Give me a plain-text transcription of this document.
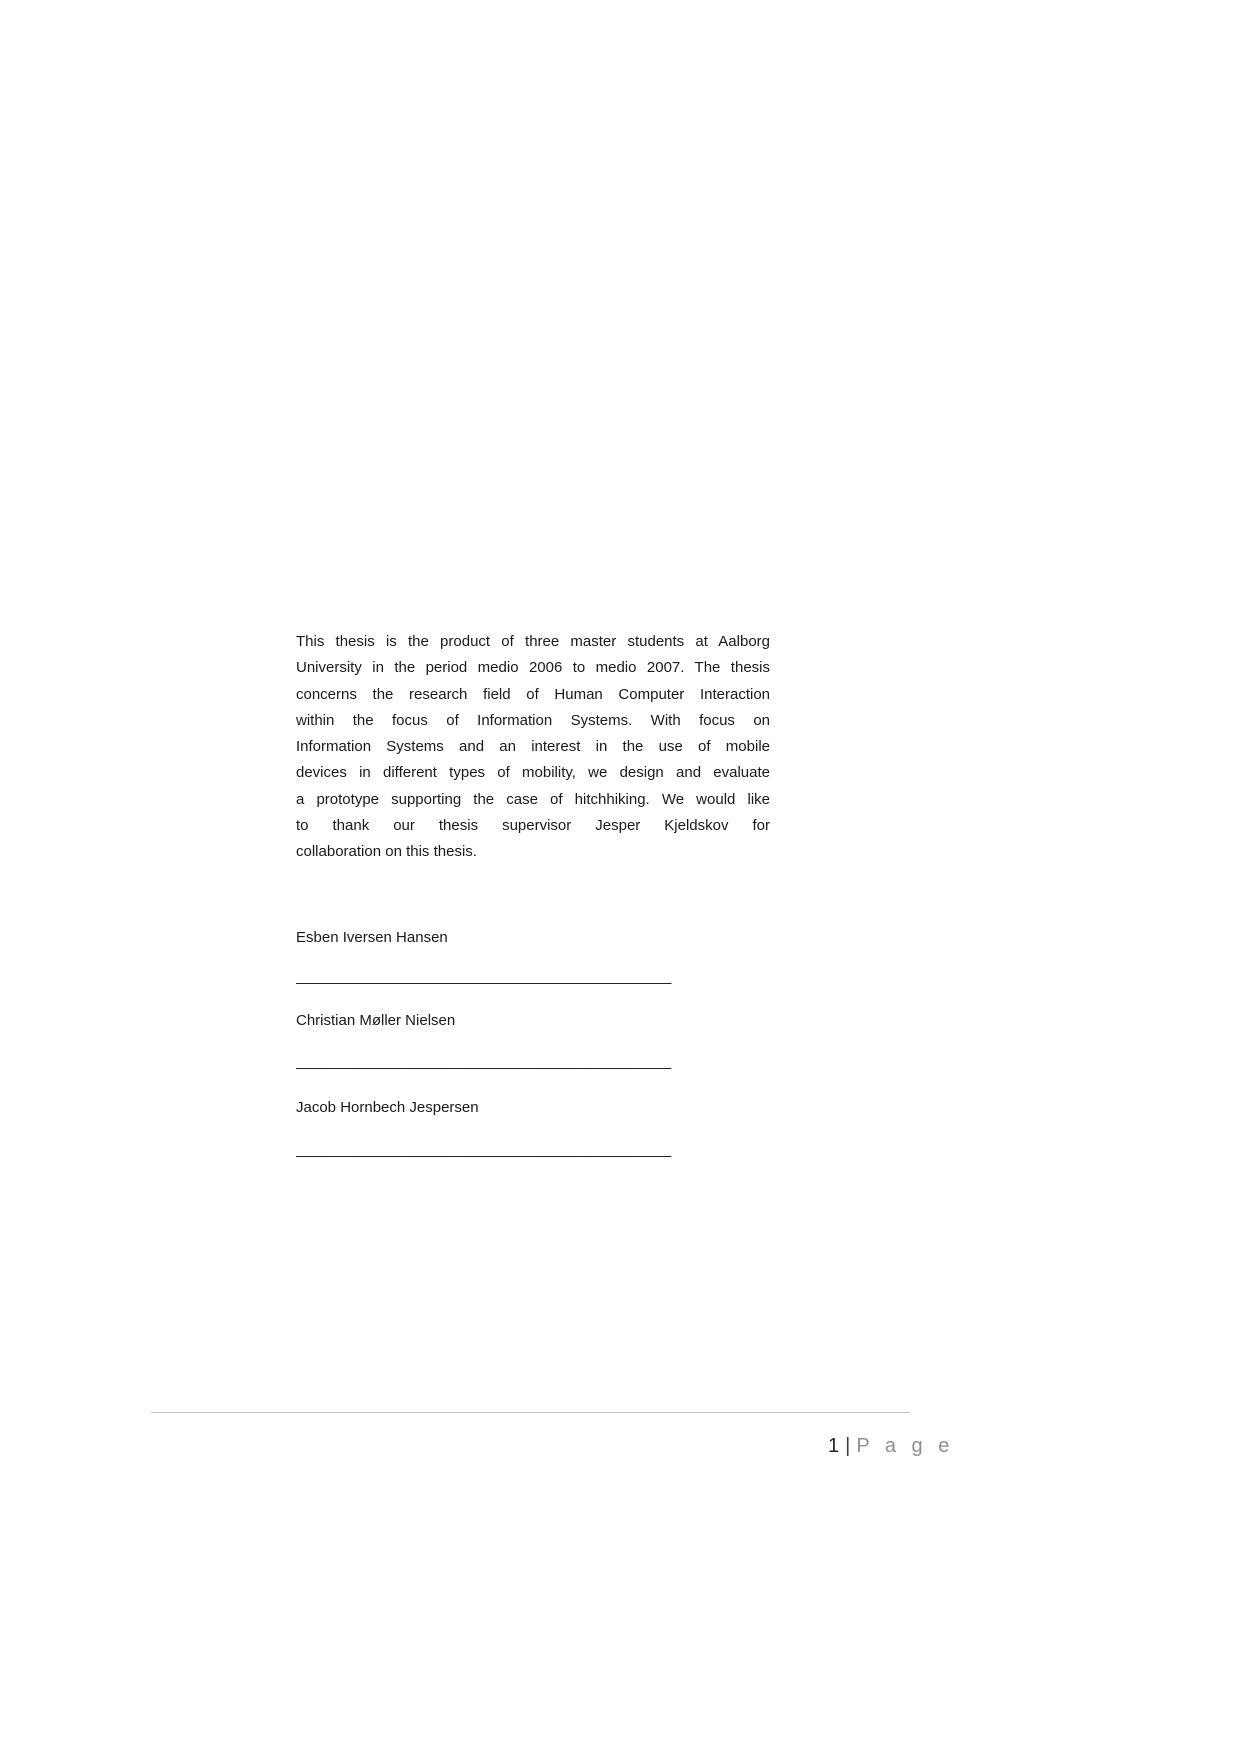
This thesis is the product of three master students at Aalborg
University in the period medio 2006 to medio 2007. The thesis
concerns the research field of Human Computer Interaction
within the focus of Information Systems. With focus on
Information Systems and an interest in the use of mobile
devices in different types of mobility, we design and evaluate
a prototype supporting the case of hitchhiking. We would like
to thank our thesis supervisor Jesper Kjeldskov for
collaboration on this thesis.
Esben Iversen Hansen
_____________________________________________
Christian Møller Nielsen
_____________________________________________
Jacob Hornbech Jespersen
_____________________________________________
1 | P a g e
